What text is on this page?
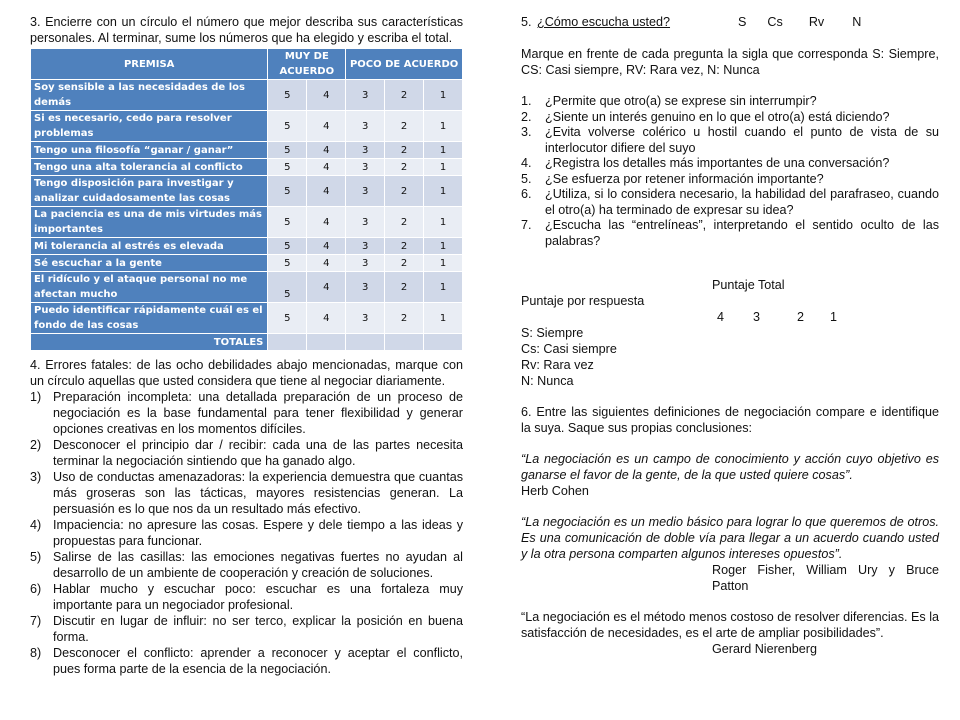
3. Encierre con un círculo el número que mejor describa sus características personales. Al terminar, sume los números que ha elegido y escriba el total.

PREMISA	MUY DE ACUERDO		POCO DE ACUERDO		
Soy sensible a las necesidades de los demás	5	4	3	2	1
Si es necesario, cedo para resolver problemas	5	4	3	2	1
Tengo una filosofía “ganar / ganar”	5	4	3	2	1
Tengo una alta tolerancia al conflicto	5	4	3	2	1
Tengo disposición para investigar y analizar cuidadosamente las cosas	5	4	3	2	1
La paciencia es una de mis virtudes más importantes	5	4	3	2	1
Mi tolerancia al estrés es elevada	5	4	3	2	1
Sé escuchar a la gente	5	4	3	2	1
El ridículo y el ataque personal no me afectan mucho	5	4	3	2	1
Puedo identificar rápidamente cuál es el fondo de las cosas	5	4	3	2	1
TOTALES					

4. Errores fatales: de las ocho debilidades abajo mencionadas, marque con un círculo aquellas que usted considera que tiene al negociar diariamente.

1) Preparación incompleta: una detallada preparación de un proceso de negociación es la base fundamental para tener flexibilidad y generar opciones creativas en los momentos difíciles.
2) Desconocer el principio dar / recibir: cada una de las partes necesita terminar la negociación sintiendo que ha ganado algo.
3) Uso de conductas amenazadoras: la experiencia demuestra que cuantas más groseras son las tácticas, mayores resistencias generan. La persuasión es lo que nos da un resultado más efectivo.
4) Impaciencia: no apresure las cosas. Espere y dele tiempo a las ideas y propuestas para funcionar.
5) Salirse de las casillas: las emociones negativas fuertes no ayudan al desarrollo de un ambiente de cooperación y creación de soluciones.
6) Hablar mucho y escuchar poco: escuchar es una fortaleza muy importante para un negociador profesional.
7) Discutir en lugar de influir: no ser terco, explicar la posición en buena forma.
8) Desconocer el conflicto: aprender a reconocer y aceptar el conflicto, pues forma parte de la esencia de la negociación.
5. ¿Cómo escucha usted?	S Cs Rv N

Marque en frente de cada pregunta la sigla que corresponda S: Siempre, CS: Casi siempre, RV: Rara vez, N: Nunca

1.	¿Permite que otro(a) se exprese sin interrumpir?
2.	¿Siente un interés genuino en lo que el otro(a) está diciendo?
3.	¿Evita volverse colérico u hostil cuando el punto de vista de su interlocutor difiere del suyo
4.	¿Registra los detalles más importantes de una conversación?
5.	¿Se esfuerza por retener información importante?
6.	¿Utiliza, si lo considera necesario, la habilidad del parafraseo, cuando el otro(a) ha terminado de expresar su idea?
7.	¿Escucha las “entrelíneas”, interpretando el sentido oculto de las palabras?

Puntaje Total

Puntaje por respuesta

4 3	2 1

S: Siempre

Cs: Casi siempre

Rv: Rara vez

N: Nunca

6. Entre las siguientes definiciones de negociación compare e identifique la suya. Saque sus propias conclusiones:

“La negociación es un campo de conocimiento y acción cuyo objetivo es ganarse el favor de la gente, de la que usted quiere cosas”.

Herb Cohen

“La negociación es un medio básico para lograr lo que queremos de otros. Es una comunicación de doble vía para llegar a un acuerdo cuando usted y la otra persona comparten algunos intereses opuestos”.

Roger Fisher, William Ury y Bruce Patton

“La negociación es el método menos costoso de resolver diferencias. Es la satisfacción de necesidades, es el arte de ampliar posibilidades”.

Gerard Nierenberg
